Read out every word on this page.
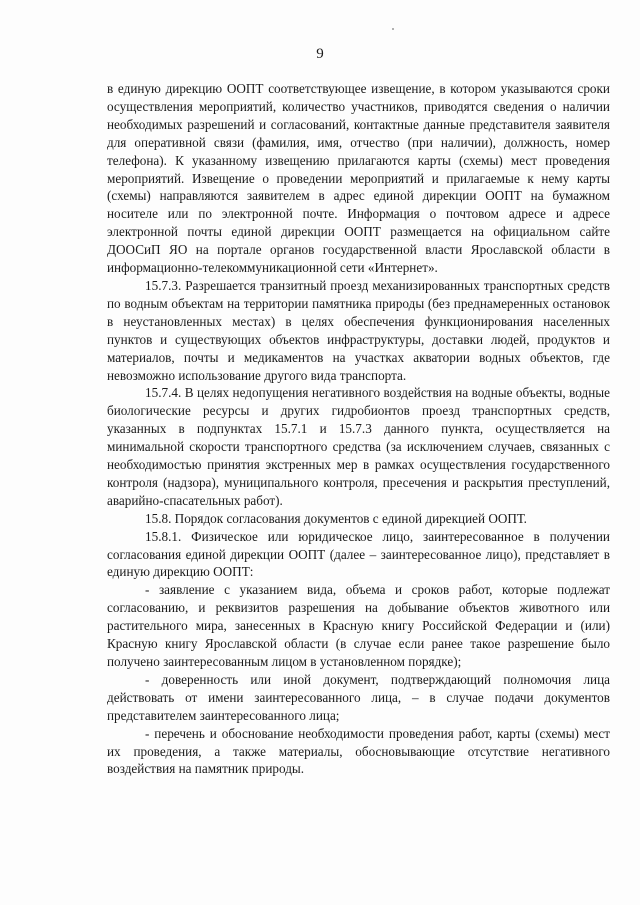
9

в единую дирекцию ООПТ соответствующее извещение, в котором указываются сроки осуществления мероприятий, количество участников, приводятся сведения о наличии необходимых разрешений и согласований, контактные данные представителя заявителя для оперативной связи (фамилия, имя, отчество (при наличии), должность, номер телефона). К указанному извещению прилагаются карты (схемы) мест проведения мероприятий. Извещение о проведении мероприятий и прилагаемые к нему карты (схемы) направляются заявителем в адрес единой дирекции ООПТ на бумажном носителе или по электронной почте. Информация о почтовом адресе и адресе электронной почты единой дирекции ООПТ размещается на официальном сайте ДООСиП ЯО на портале органов государственной власти Ярославской области в информационно-телекоммуникационной сети «Интернет».

15.7.3. Разрешается транзитный проезд механизированных транспортных средств по водным объектам на территории памятника природы (без преднамеренных остановок в неустановленных местах) в целях обеспечения функционирования населенных пунктов и существующих объектов инфраструктуры, доставки людей, продуктов и материалов, почты и медикаментов на участках акватории водных объектов, где невозможно использование другого вида транспорта.

15.7.4. В целях недопущения негативного воздействия на водные объекты, водные биологические ресурсы и других гидробионтов проезд транспортных средств, указанных в подпунктах 15.7.1 и 15.7.3 данного пункта, осуществляется на минимальной скорости транспортного средства (за исключением случаев, связанных с необходимостью принятия экстренных мер в рамках осуществления государственного контроля (надзора), муниципального контроля, пресечения и раскрытия преступлений, аварийно-спасательных работ).

15.8. Порядок согласования документов с единой дирекцией ООПТ.

15.8.1. Физическое или юридическое лицо, заинтересованное в получении согласования единой дирекции ООПТ (далее – заинтересованное лицо), представляет в единую дирекцию ООПТ:

- заявление с указанием вида, объема и сроков работ, которые подлежат согласованию, и реквизитов разрешения на добывание объектов животного или растительного мира, занесенных в Красную книгу Российской Федерации и (или) Красную книгу Ярославской области (в случае если ранее такое разрешение было получено заинтересованным лицом в установленном порядке);

- доверенность или иной документ, подтверждающий полномочия лица действовать от имени заинтересованного лица, – в случае подачи документов представителем заинтересованного лица;

- перечень и обоснование необходимости проведения работ, карты (схемы) мест их проведения, а также материалы, обосновывающие отсутствие негативного воздействия на памятник природы.
